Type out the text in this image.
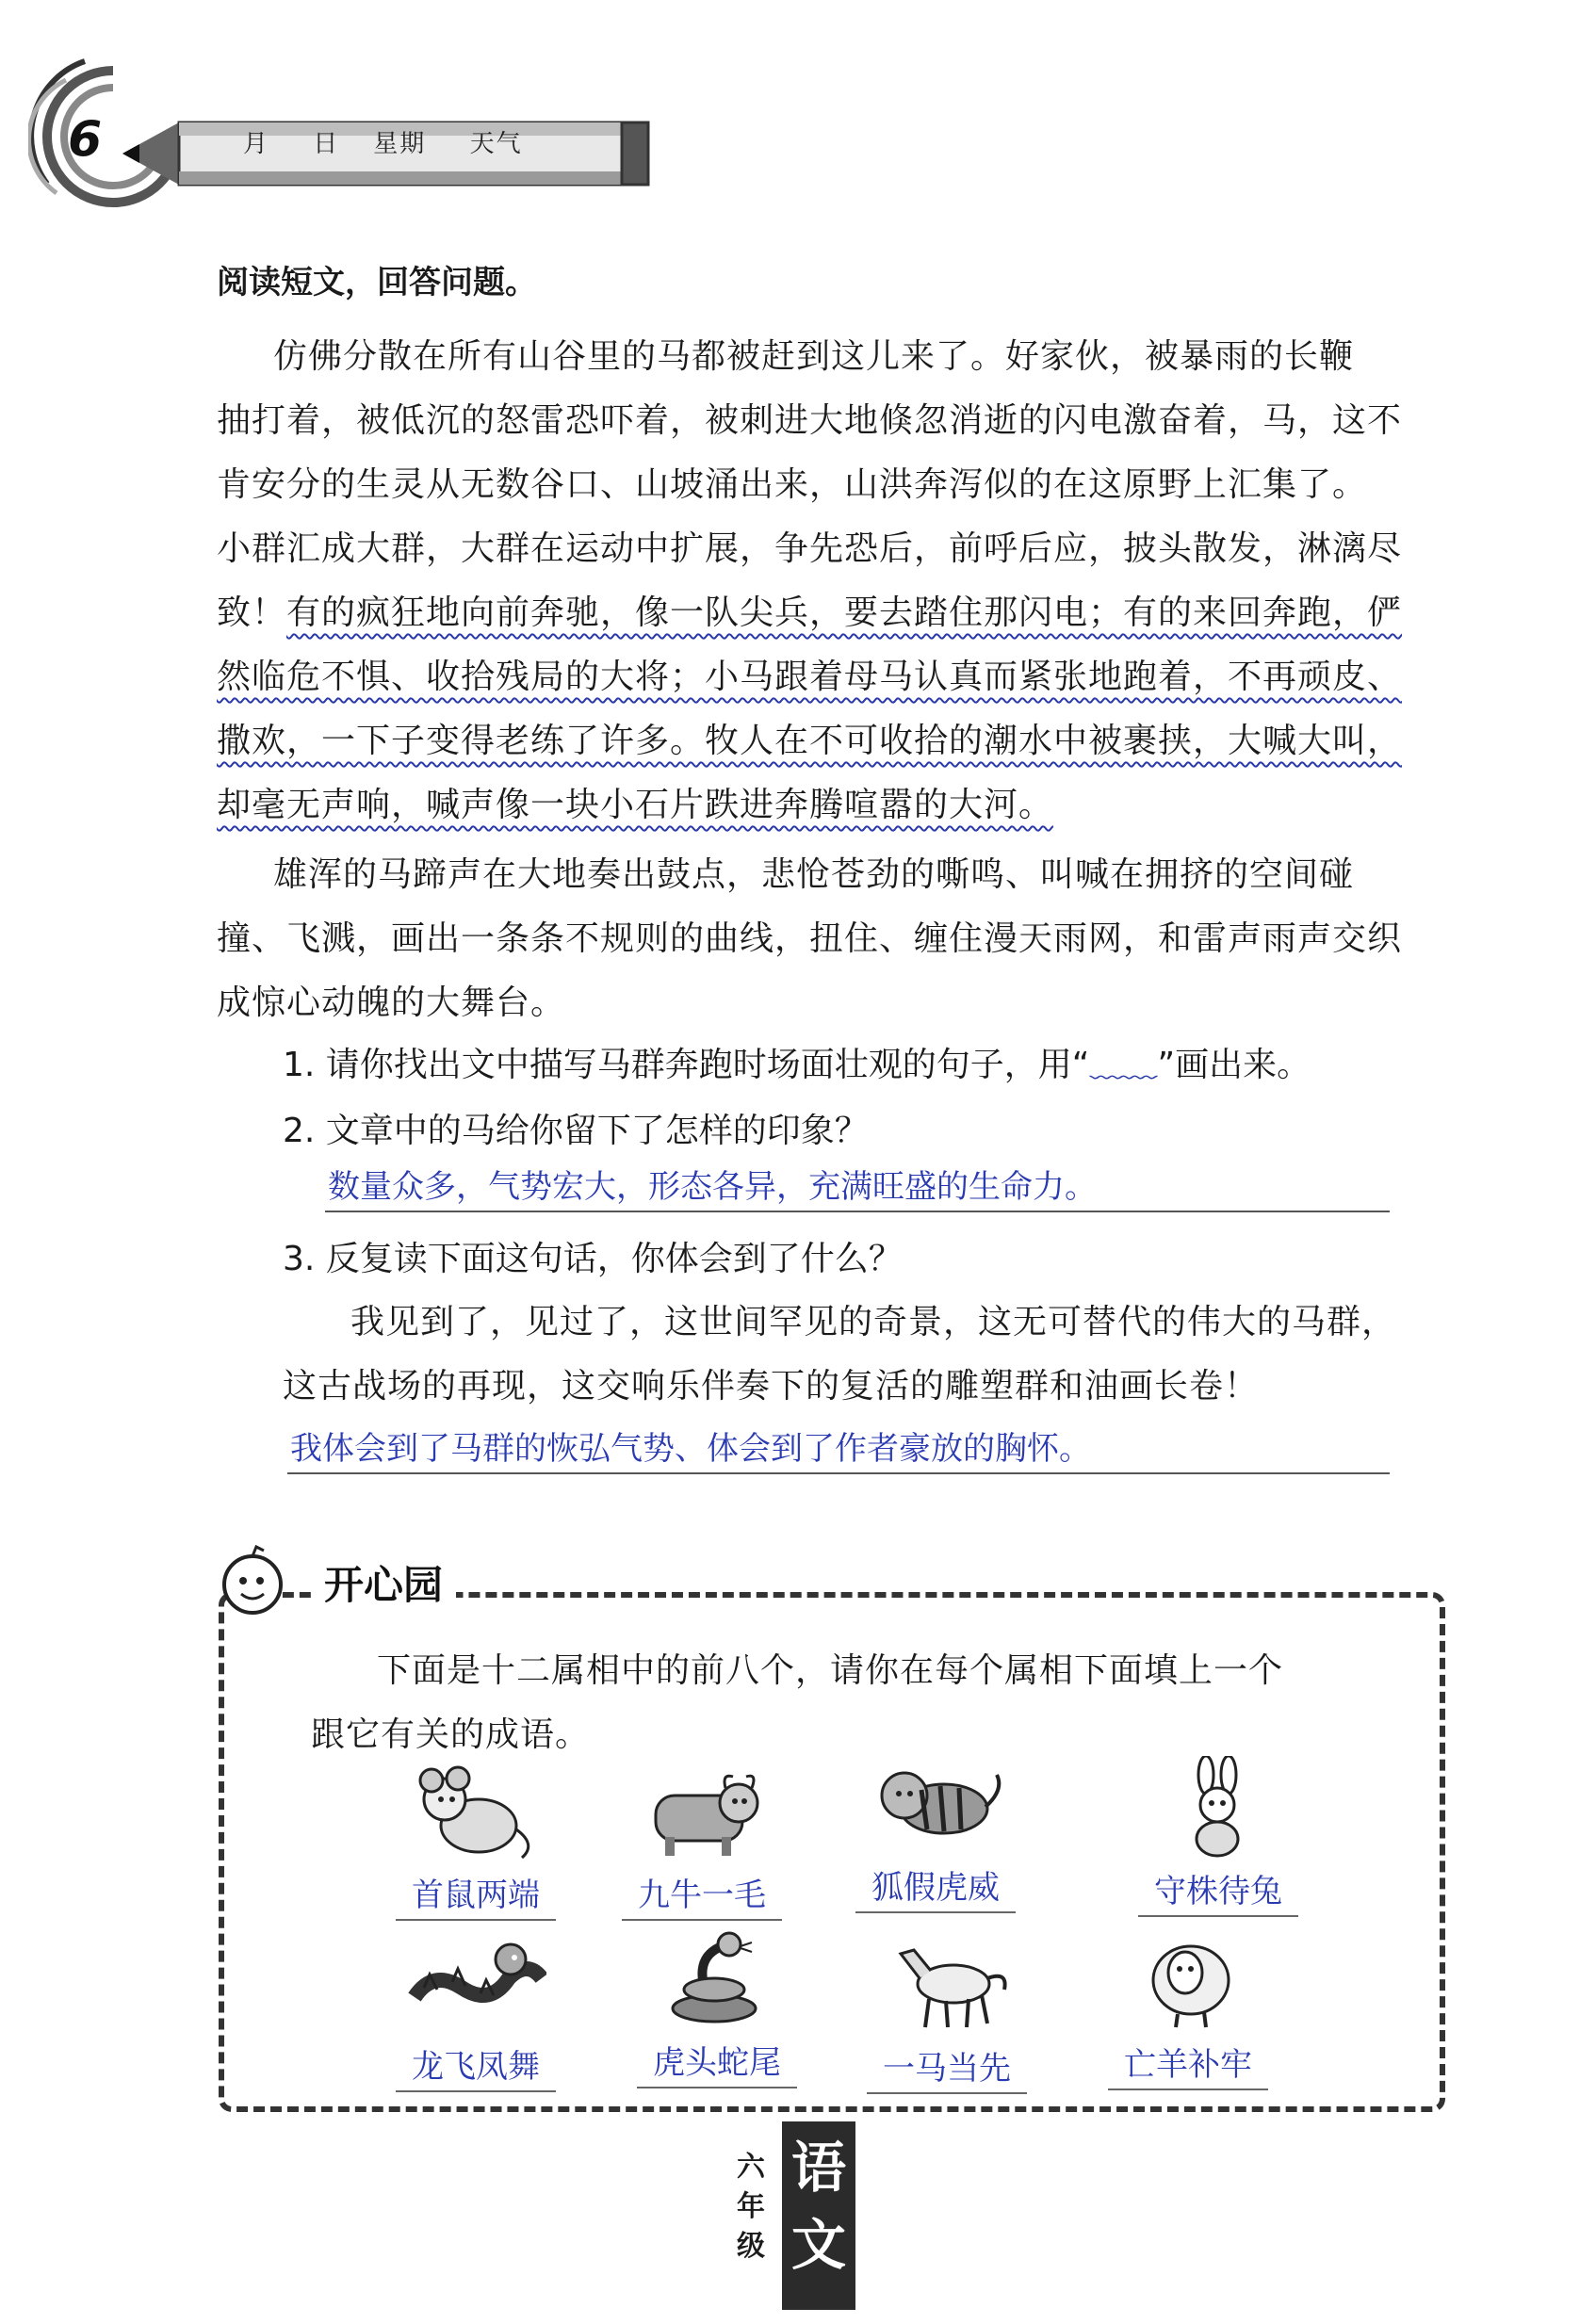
6	月 日 星期 天气
阅读短文，回答问题。
仿佛分散在所有山谷里的马都被赶到这儿来了。好家伙，被暴雨的长鞭
抽打着，被低沉的怒雷恐吓着，被刺进大地倏忽消逝的闪电激奋着，马，这不
肯安分的生灵从无数谷口、山坡涌出来，山洪奔泻似的在这原野上汇集了。
小群汇成大群，大群在运动中扩展，争先恐后，前呼后应，披头散发，淋漓尽
致！有的疯狂地向前奔驰，像一队尖兵，要去踏住那闪电；有的来回奔跑，俨
然临危不惧、收拾残局的大将；小马跟着母马认真而紧张地跑着，不再顽皮、
撒欢，一下子变得老练了许多。牧人在不可收拾的潮水中被裹挟，大喊大叫，
却毫无声响，喊声像一块小石片跌进奔腾喧嚣的大河。
雄浑的马蹄声在大地奏出鼓点，悲怆苍劲的嘶鸣、叫喊在拥挤的空间碰
撞、飞溅，画出一条条不规则的曲线，扭住、缠住漫天雨网，和雷声雨声交织
成惊心动魄的大舞台。
1. 请你找出文中描写马群奔跑时场面壮观的句子，用“﹏﹏”画出来。
2. 文章中的马给你留下了怎样的印象？
数量众多，气势宏大，形态各异，充满旺盛的生命力。
3. 反复读下面这句话，你体会到了什么？
我见到了，见过了，这世间罕见的奇景，这无可替代的伟大的马群，
这古战场的再现，这交响乐伴奏下的复活的雕塑群和油画长卷！
我体会到了马群的恢弘气势、体会到了作者豪放的胸怀。
开心园
下面是十二属相中的前八个，请你在每个属相下面填上一个
跟它有关的成语。
首鼠两端	九牛一毛	狐假虎威	守株待兔
龙飞凤舞	虎头蛇尾	一马当先	亡羊补牢
六
年
级
语
文
